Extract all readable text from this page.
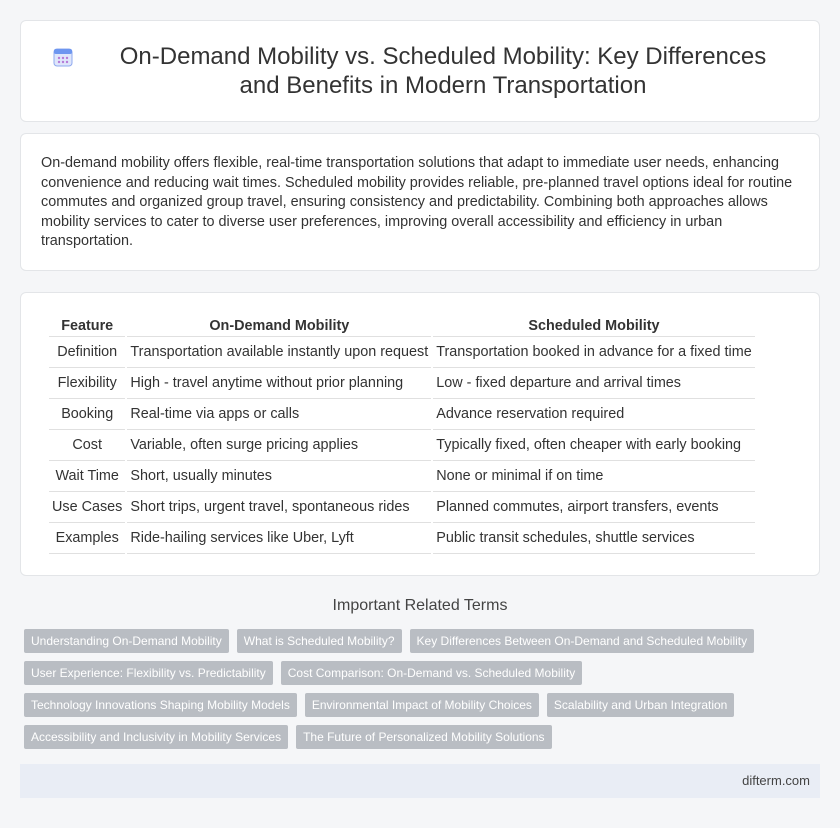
On-Demand Mobility vs. Scheduled Mobility: Key Differences and Benefits in Modern Transportation

On-demand mobility offers flexible, real-time transportation solutions that adapt to immediate user needs, enhancing convenience and reducing wait times. Scheduled mobility provides reliable, pre-planned travel options ideal for routine commutes and organized group travel, ensuring consistency and predictability. Combining both approaches allows mobility services to cater to diverse user preferences, improving overall accessibility and efficiency in urban transportation.

Feature	On-Demand Mobility	Scheduled Mobility
Definition	Transportation available instantly upon request	Transportation booked in advance for a fixed time
Flexibility	High - travel anytime without prior planning	Low - fixed departure and arrival times
Booking	Real-time via apps or calls	Advance reservation required
Cost	Variable, often surge pricing applies	Typically fixed, often cheaper with early booking
Wait Time	Short, usually minutes	None or minimal if on time
Use Cases	Short trips, urgent travel, spontaneous rides	Planned commutes, airport transfers, events
Examples	Ride-hailing services like Uber, Lyft	Public transit schedules, shuttle services
Important Related Terms
Understanding On-Demand Mobility	What is Scheduled Mobility?	Key Differences Between On-Demand and Scheduled Mobility
User Experience: Flexibility vs. Predictability	Cost Comparison: On-Demand vs. Scheduled Mobility
Technology Innovations Shaping Mobility Models	Environmental Impact of Mobility Choices	Scalability and Urban Integration
Accessibility and Inclusivity in Mobility Services	The Future of Personalized Mobility Solutions
difterm.com
